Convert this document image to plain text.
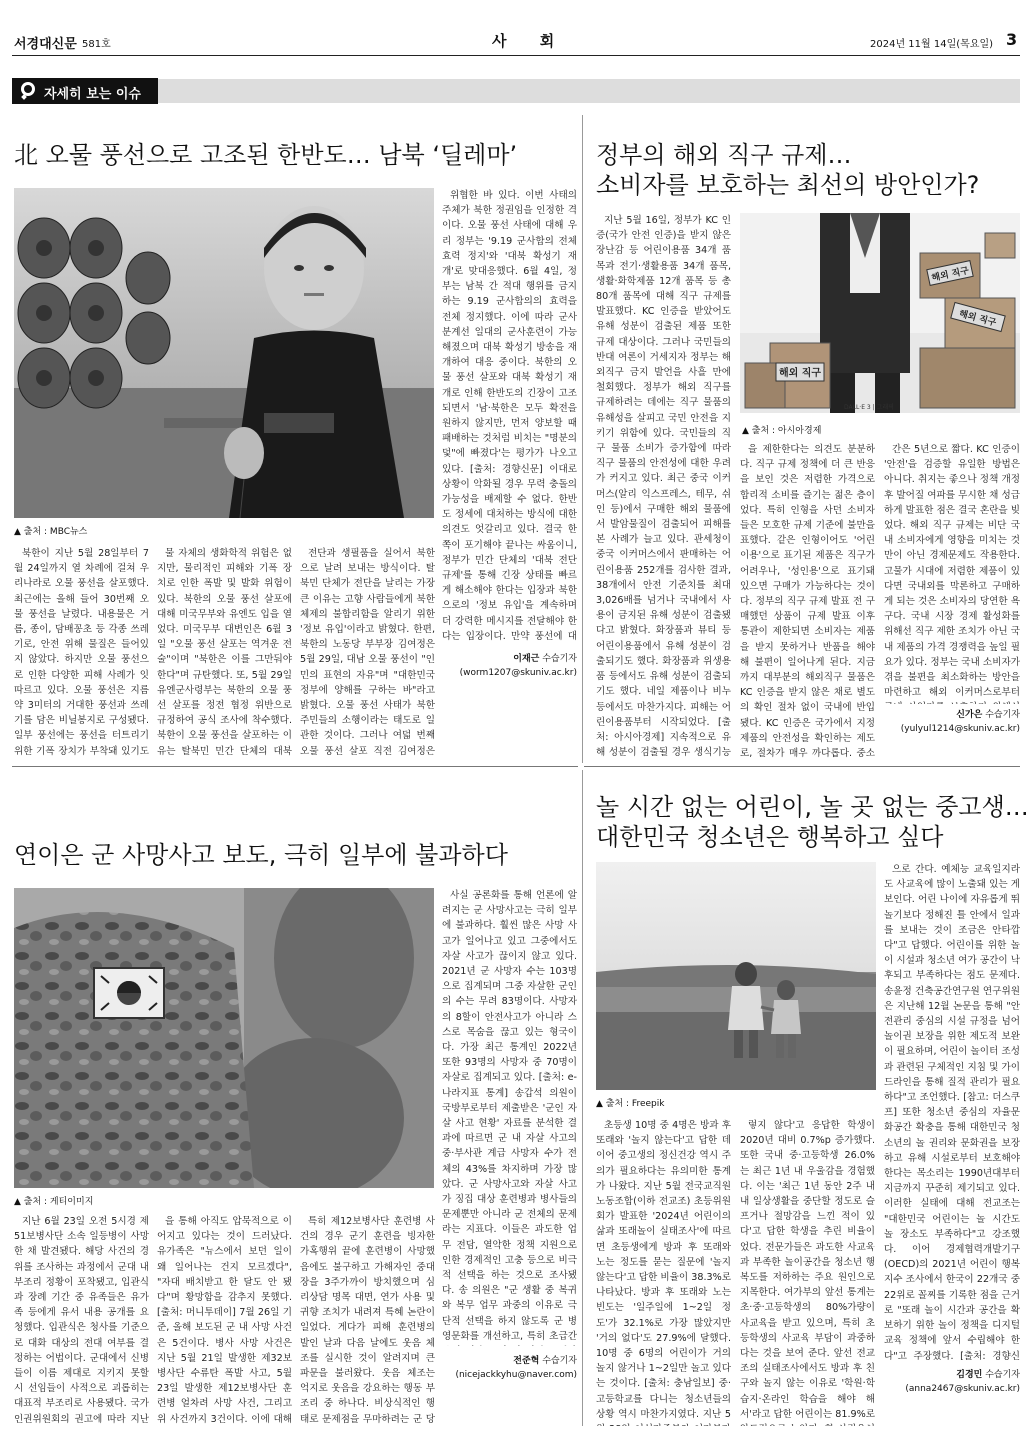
서경대신문 581호	사 회	2024년 11월 14일(목요일) 3
자세히 보는 이슈
北 오물 풍선으로 고조된 한반도… 남북 ‘딜레마’
▲ 출처 : MBC뉴스

북한이 지난 5월 28일부터 7월 24일까지 열 차례에 걸쳐 우리나라로 오물 풍선을 살포했다. 최근에는 올해 들어 30번째 오물 풍선을 날렸다. 내용물은 거름, 종이, 담배꽁초 등 각종 쓰레기로, 안전 위해 물질은 들어있지 않았다. 하지만 오물 풍선으로 인한 다양한 피해 사례가 잇따르고 있다. 오물 풍선은 지름 약 3미터의 거대한 풍선과 쓰레기를 담은 비닐봉지로 구성됐다. 일부 풍선에는 풍선을 터트리기 위한 기폭 장치가 부착돼 있기도

물 자체의 생화학적 위험은 없지만, 물리적인 피해와 기폭 장치로 인한 폭발 및 발화 위험이 있다. 북한의 오물 풍선 살포에 대해 미국무부와 유엔도 입을 열었다. 미국무부 대변인은 6월 3일 "오물 풍선 살포는 역겨운 전술"이며 "북한은 이를 그만둬야 한다"며 규탄했다. 또, 5월 29일 유엔군사령부는 북한의 오물 풍선 살포를 정전 협정 위반으로 규정하여 공식 조사에 착수했다. 북한이 오물 풍선을 살포하는 이유는 탈북민 민간 단체의 대북

전단과 생필품을 실어서 북한으로 날려 보내는 방식이다. 탈북민 단체가 전단을 날리는 가장 큰 이유는 고향 사람들에게 북한 체제의 불합리함을 알리기 위한 '정보 유입'이라고 밝혔다. 한편, 북한의 노동당 부부장 김여정은 5월 29일, 대남 오물 풍선이 "인민의 표현의 자유"며 "대한민국 정부에 양해를 구하는 바"라고 밝혔다. 오물 풍선 사태가 북한 주민들의 소행이라는 태도로 일관한 것이다. 그러나 여덟 번째 오물 풍선 살포 직전 김여정은

위협한 바 있다. 이번 사태의 주체가 북한 정권임을 인정한 격이다. 오물 풍선 사태에 대해 우리 정부는 '9.19 군사합의 전체 효력 정지'와 '대북 확성기 재개'로 맞대응했다. 6월 4일, 정부는 남북 간 적대 행위를 금지하는 9.19 군사합의의 효력을 전체 정지했다. 이에 따라 군사분계선 일대의 군사훈련이 가능해졌으며 대북 확성기 방송을 재개하여 대응 중이다. 북한의 오물 풍선 살포와 대북 확성기 재개로 인해 한반도의 긴장이 고조되면서 '남·북한은 모두 확전을 원하지 않지만, 먼저 양보할 때 패배하는 것처럼 비치는 "명분의 덫"에 빠졌다'는 평가가 나오고 있다. [출처: 경향신문] 이대로 상황이 악화될 경우 무력 충돌의 가능성을 배제할 수 없다. 한반도 정세에 대처하는 방식에 대한 의견도 엇갈리고 있다. 결국 한쪽이 포기해야 끝나는 싸움이니, 정부가 민간 단체의 '대북 전단 규제'를 통해 긴장 상태를 빠르게 해소해야 한다는 입장과 북한으로의 '정보 유입'을 계속하며 더 강력한 메시지를 전달해야 한다는 입장이다. 만약 풍선에 대

이재근 수습기자
(worm1207@skuniv.ac.kr)
정부의 해외 직구 규제…
소비자를 보호하는 최선의 방안인가?

지난 5월 16일, 정부가 KC 인증(국가 안전 인증)을 받지 않은 장난감 등 어린이용품 34개 품목과 전기·생활용품 34개 품목, 생활·화학제품 12개 품목 등 총 80개 품목에 대해 직구 규제를 발표했다. KC 인증을 받았어도 유해 성분이 검출된 제품 또한 규제 대상이다. 그러나 국민들의 반대 여론이 거세지자 정부는 해외직구 금지 발언을 사흘 만에 철회했다. 정부가 해외 직구를 규제하려는 데에는 직구 물품의 유해성을 살피고 국민 안전을 지키기 위함에 있다. 국민들의 직구 물품 소비가 증가함에 따라 직구 물품의 안전성에 대한 우려가 커지고 있다. 최근 중국 이커머스(알리 익스프레스, 테무, 쉬인 등)에서 구매한 해외 물품에서 발암물질이 검출되어 피해를 본 사례가 늘고 있다. 관세청이 중국 이커머스에서 판매하는 어린이용품 252개를 검사한 결과, 38개에서 안전 기준치를 최대 3,026배를 넘거나 국내에서 사용이 금지된 유해 성분이 검출됐다고 밝혔다. 화장품과 뷰티 등 어린이용품에서 유해 성분이 검출되기도 했다. 화장품과 위생용품 등에서도 유해 성분이 검출되기도 했다. 네일 제품이나 비누 등에서도 마찬가지다. 피해는 어린이용품부터 시작되었다. [출처: 아시아경제] 지속적으로 유해 성분이 검출될 경우 생식기능

해외 직구
해외 직구
해외 직구
DALL·E 3 | 그래픽
▲ 출처 : 아시아경제

을 제한한다는 의견도 분분하다. 직구 규제 정책에 더 큰 반응을 보인 것은 저렴한 가격으로 합리적 소비를 즐기는 젊은 층이었다. 특히 인형을 사던 소비자들은 모호한 규제 기준에 불만을 표했다. 같은 인형이어도 '어린이용'으로 표기된 제품은 직구가 어려우나, '성인용'으로 표기돼 있으면 구매가 가능하다는 것이다. 정부의 직구 규제 발표 전 구매했던 상품이 규제 발표 이후 통관이 제한되면 소비자는 제품을 받지 못하거나 반품을 해야 해 불편이 일어나게 된다. 지금까지 대부분의 해외직구 물품은 KC 인증을 받지 않은 채로 별도의 확인 절차 없이 국내에 반입됐다. KC 인증은 국가에서 지정 제품의 안전성을 확인하는 제도로, 절차가 매우 까다롭다. 중소

간은 5년으로 짧다. KC 인증이 '안전'을 검증할 유일한 방법은 아니다. 취지는 좋으나 정책 개정 후 발어질 여파를 무시한 채 성급하게 발표한 점은 결국 혼란을 빚었다. 해외 직구 규제는 비단 국내 소비자에게 영향을 미치는 것만이 아닌 경제문제도 작용한다. 고물가 시대에 저렴한 제품이 있다면 국내외를 막론하고 구매하게 되는 것은 소비자의 당연한 욕구다. 국내 시장 경제 활성화를 위해선 직구 제한 조치가 아닌 국내 제품의 가격 경쟁력을 높일 필요가 있다. 정부는 국내 소비자가 겪을 불편을 최소화하는 방안을 마련하고 해외 이커머스로부터

신가은 수습기자
(yulyul1214@skuniv.ac.kr)
연이은 군 사망사고 보도, 극히 일부에 불과하다
▲ 출처 : 게티이미지

지난 6월 23일 오전 5시경 제51보병사단 소속 일등병이 사망한 채 발견됐다. 해당 사건의 경위를 조사하는 과정에서 군대 내 부조리 정황이 포착됐고, 입관식과 장례 기간 중 유족들은 유가족 등에게 유서 내용 공개를 요청했다. 입관식은 청사를 기준으로 대화 대상의 전대 여부를 결정하는 어법이다. 군대에서 신병들이 이름 제대로 지키지 못할 시 선임들이 사적으로 괴롭히는 대표적 부조리로 사용됐다. 국가인권위원회의 권고에 따라 지난

을 통해 아직도 압묵적으로 이어지고 있다는 것이 드러났다. 유가족은 "뉴스에서 보던 일이 왜 일어나는 건지 모르겠다", "자대 배치받고 한 달도 안 됐다"며 황망함을 감추지 못했다. [출처: 머니투데이] 7월 26일 기준, 올해 보도된 군 내 사망 사건은 5건이다. 병사 사망 사건은 지난 5월 21일 발생한 제32보병사단 수류탄 폭발 사고, 5월 23일 발생한 제12보병사단 훈련병 얼차려 사망 사건, 그리고 위 사건까지 3건이다. 이에 대해

특히 제12보병사단 훈련병 사건의 경우 군기 훈련을 빙자한 가혹행위 끝에 훈련병이 사망했음에도 불구하고 가해자인 중대장을 3주가까이 방치했으며 심리상담 명목 대면, 연가 사용 및 귀향 조치가 내려져 특혜 논란이 일었다. 게다가 피해 훈련병의 발인 날과 다음 날에도 웃음 체조를 실시한 것이 알려지며 큰 파문을 불러왔다. 웃음 체조는 억지로 웃음을 강요하는 행동 부조리 중 하나다. 비상식적인 행태로 문제점을 무마하려는 군 당

사실 공론화를 통해 언론에 알려지는 군 사망사고는 극히 일부에 불과하다. 훨씬 많은 사망 사고가 일어나고 있고 그중에서도 자살 사고가 끊이지 않고 있다. 2021년 군 사망자 수는 103명으로 집계되며 그중 자살한 군인의 수는 무려 83명이다. 사망자의 8할이 안전사고가 아니라 스스로 목숨을 끊고 있는 형국이다. 가장 최근 통계인 2022년 또한 93명의 사망자 중 70명이 자살로 집계되고 있다. [출처: e-나라지표 통계] 송갑석 의원이 국방부로부터 제출받은 '군인 자살 사고 현황' 자료를 분석한 결과에 따르면 군 내 자살 사고의 중·부사관 계급 사망자 수가 전체의 43%를 차지하며 가장 많았다. 군 사망사고와 자살 사고가 징집 대상 훈련병과 병사들의 문제뿐만 아니라 군 전체의 문제라는 지표다. 이들은 과도한 업무 전담, 열악한 정책 지원으로 인한 경제적인 고충 등으로 비극적 선택을 하는 것으로 조사됐다. 송 의원은 "군 생활 중 복귀와 복무 업무 과중의 이유로 극단적 선택을 하지 않도록 군 병영문화를 개선하고, 특히 초급간

전준혁 수습기자
(nicejackkyhu@naver.com)
놀 시간 없는 어린이, 놀 곳 없는 중고생…
대한민국 청소년은 행복하고 싶다
▲ 출처 : Freepik

초등생 10명 중 4명은 방과 후 또래와 '놀지 않는다'고 답한 데 이어 중고생의 정신건강 역시 주의가 필요하다는 유의미한 통계가 나왔다. 지난 5월 전국교직원노동조합(이하 전교조) 초등위원회가 발표한 '2024년 어린이의 삶과 또래놀이 실태조사'에 따르면 초등생에게 방과 후 또래와 노는 정도를 묻는 질문에 '놀지 않는다'고 답한 비율이 38.3%로 나타났다. 방과 후 또래와 노는 빈도는 '일주일에 1~2일 정도'가 32.1%로 가장 많았지만 '거의 없다'도 27.9%에 달했다. 10명 중 6명의 어린이가 거의 놀지 않거나 1~2일만 놀고 있다는 것이다. [출처: 충남일보] 중·고등학교를 다니는 청소년들의 상황 역시 마찬가지였다. 지난 5

렇지 않다'고 응답한 학생이 2020년 대비 0.7%p 증가했다. 또한 국내 중·고등학생 26.0%는 최근 1년 내 우울감을 경험했다. 이는 '최근 1년 동안 2주 내내 일상생활을 중단할 정도로 슬프거나 절망감을 느낀 적이 있다'고 답한 학생을 추린 비율이었다. 전문가들은 과도한 사교육과 부족한 놀이공간을 청소년 행복도를 저하하는 주요 원인으로 지목한다. 여가부의 앞선 통계는 초·중·고등학생의 80%가량이 사교육을 받고 있으며, 특히 초등학생의 사교육 부담이 과중하다는 것을 보여 준다. 앞선 전교조의 실태조사에서도 방과 후 친구와 놀지 않는 이유로 '학원·학습지·온라인 학습을 해야 해서'라고 답한 어린이는 81.9%로

으로 간다. 예체능 교육일지라도 사교육에 많이 노출돼 있는 게 보인다. 어린 나이에 자유롭게 뛰놀기보다 정해진 틀 안에서 일과를 보내는 것이 조금은 안타깝다"고 답했다. 어린이를 위한 놀이 시설과 청소년 여가 공간이 낙후되고 부족하다는 점도 문제다. 송윤정 건축공간연구원 연구위원은 지난해 12월 논문을 통해 "안전관리 중심의 시설 규정을 넘어 놀이권 보장을 위한 제도적 보완이 필요하며, 어린이 놀이터 조성과 관련된 구체적인 지침 및 가이드라인을 통해 질적 관리가 필요하다"고 조언했다. [참고: 더스쿠프] 또한 청소년 중심의 자율문화공간 확충을 통해 대한민국 청소년의 놀 권리와 문화권을 보장하고 유해 시설로부터 보호해야 한다는 목소리는 1990년대부터 지금까지 꾸준히 제기되고 있다. 이러한 실태에 대해 전교조는 "대한민국 어린이는 놀 시간도 놀 장소도 부족하다"고 강조했다. 이어 경제협력개발기구(OECD)의 2021년 어린이 행복지수 조사에서 한국이 22개국 중 22위로 꼴찌를 기록한 점을 근거로 "또래 놀이 시간과 공간을 확보하기 위한 놀이 정책을 디지털 교육 정책에 앞서 수립해야 한다"고 주장했다. [출처: 경향신

김경민 수습기자
(anna2467@skuniv.ac.kr)
